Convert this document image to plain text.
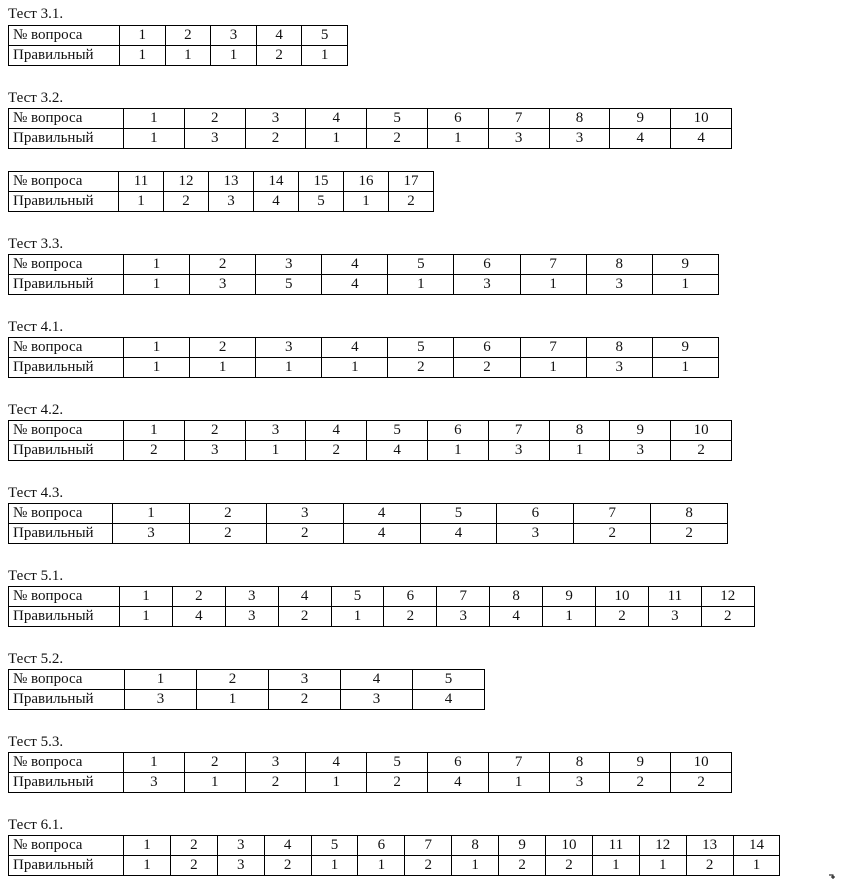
Тест 3.1.
№ вопроса	1	2	3	4	5
Правильный	1	1	1	2	1
Тест 3.2.
№ вопроса	1	2	3	4	5	6	7	8	9	10
Правильный	1	3	2	1	2	1	3	3	4	4
№ вопроса	11	12	13	14	15	16	17
Правильный	1	2	3	4	5	1	2
Тест 3.3.
№ вопроса	1	2	3	4	5	6	7	8	9
Правильный	1	3	5	4	1	3	1	3	1
Тест 4.1.
№ вопроса	1	2	3	4	5	6	7	8	9
Правильный	1	1	1	1	2	2	1	3	1
Тест 4.2.
№ вопроса	1	2	3	4	5	6	7	8	9	10
Правильный	2	3	1	2	4	1	3	1	3	2
Тест 4.3.
№ вопроса	1	2	3	4	5	6	7	8
Правильный	3	2	2	4	4	3	2	2
Тест 5.1.
№ вопроса	1	2	3	4	5	6	7	8	9	10	11	12
Правильный	1	4	3	2	1	2	3	4	1	2	3	2
Тест 5.2.
№ вопроса	1	2	3	4	5
Правильный	3	1	2	3	4
Тест 5.3.
№ вопроса	1	2	3	4	5	6	7	8	9	10
Правильный	3	1	2	1	2	4	1	3	2	2
Тест 6.1.
№ вопроса	1	2	3	4	5	6	7	8	9	10	11	12	13	14
Правильный	1	2	3	2	1	1	2	1	2	2	1	1	2	1
